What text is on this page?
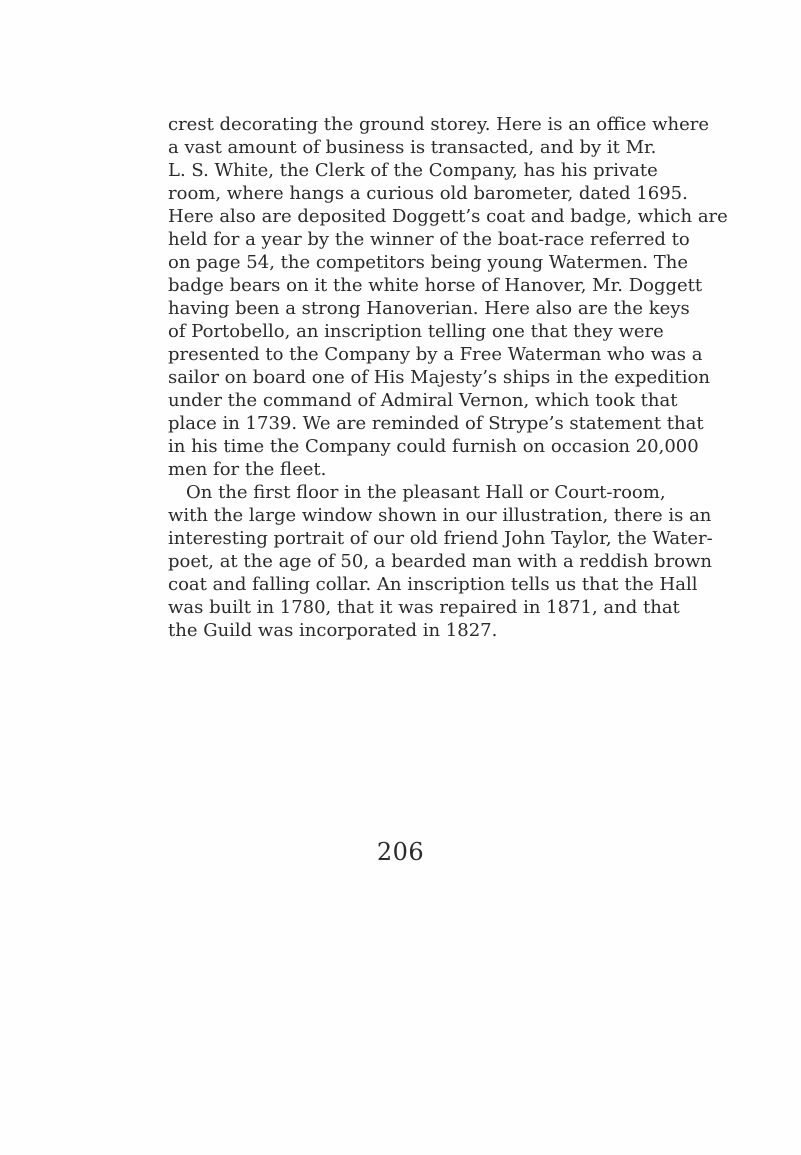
crest decorating the ground storey. Here is an office where
a vast amount of business is transacted, and by it Mr.
L. S. White, the Clerk of the Company, has his private
room, where hangs a curious old barometer, dated 1695.
Here also are deposited Doggett’s coat and badge, which are
held for a year by the winner of the boat-race referred to
on page 54, the competitors being young Watermen. The
badge bears on it the white horse of Hanover, Mr. Doggett
having been a strong Hanoverian. Here also are the keys
of Portobello, an inscription telling one that they were
presented to the Company by a Free Waterman who was a
sailor on board one of His Majesty’s ships in the expedition
under the command of Admiral Vernon, which took that
place in 1739. We are reminded of Strype’s statement that
in his time the Company could furnish on occasion 20,000
men for the fleet.
On the first floor in the pleasant Hall or Court-room,
with the large window shown in our illustration, there is an
interesting portrait of our old friend John Taylor, the Water-
poet, at the age of 50, a bearded man with a reddish brown
coat and falling collar. An inscription tells us that the Hall
was built in 1780, that it was repaired in 1871, and that
the Guild was incorporated in 1827.
206
